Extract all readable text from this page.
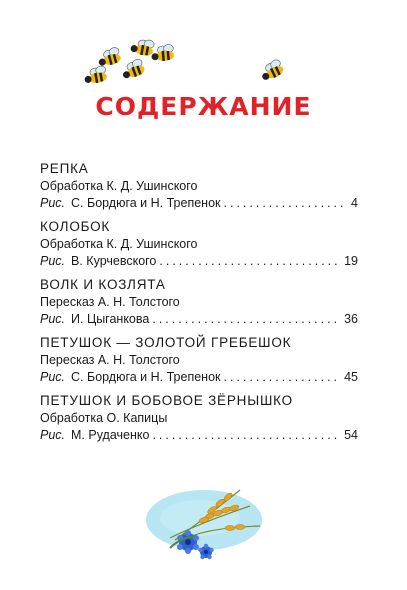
СОДЕРЖАНИЕ
РЕПКА
Обработка К. Д. Ушинского
Рис. С. Бордюга и Н. Трепенок .....	4
КОЛОБОК
Обработка К. Д. Ушинского
Рис. В. Курчевского .....	19
ВОЛК И КОЗЛЯТА
Пересказ А. Н. Толстого
Рис. И. Цыганкова .....	36
ПЕТУШОК — ЗОЛОТОЙ ГРЕБЕШОК
Пересказ А. Н. Толстого
Рис. С. Бордюга и Н. Трепенок .....	45
ПЕТУШОК И БОБОВОЕ ЗЁРНЫШКО
Обработка О. Капицы
Рис. М. Рудаченко .....	54
